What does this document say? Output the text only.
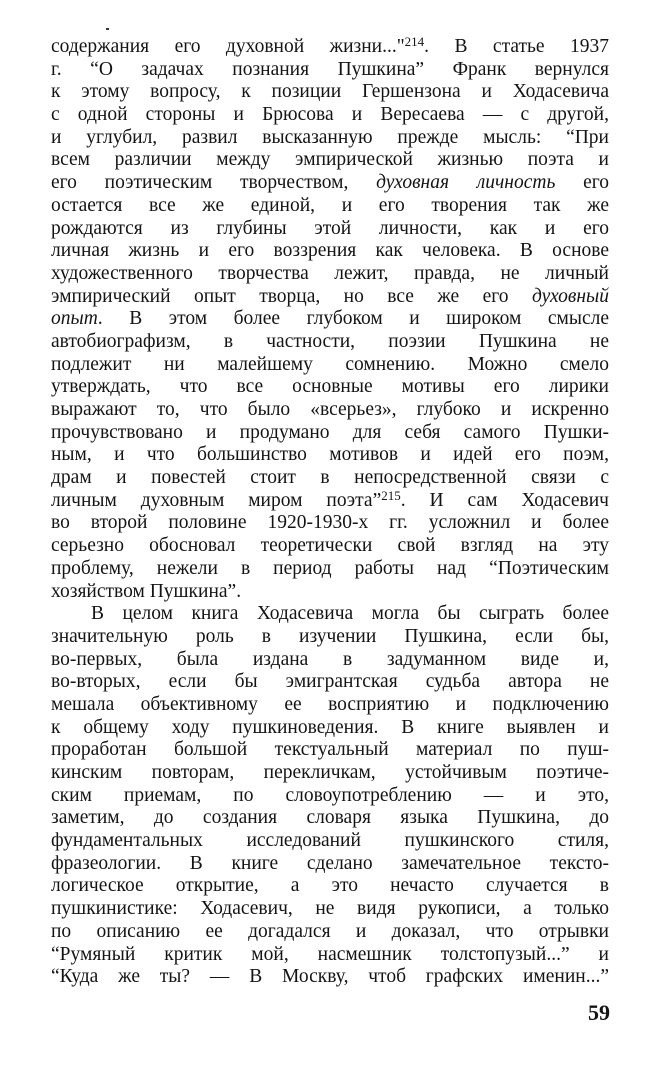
содержания его духовной жизни..."$^{214}$. В статье 1937
г. “О задачах познания Пушкина” Франк вернулся
к этому вопросу, к позиции Гершензона и Ходасевича
с одной стороны и Брюсова и Вересаева — с другой,
и углубил, развил высказанную прежде мысль: “При
всем различии между эмпирической жизнью поэта и
его поэтическим творчеством, духовная личность его
остается все же единой, и его творения так же
рождаются из глубины этой личности, как и его
личная жизнь и его воззрения как человека. В основе
художественного творчества лежит, правда, не личный
эмпирический опыт творца, но все же его духовный
опыт. В этом более глубоком и широком смысле
автобиографизм, в частности, поэзии Пушкина не
подлежит ни малейшему сомнению. Можно смело
утверждать, что все основные мотивы его лирики
выражают то, что было «всерьез», глубоко и искренно
прочувствовано и продумано для себя самого Пушки-
ным, и что большинство мотивов и идей его поэм,
драм и повестей стоит в непосредственной связи с
личным духовным миром поэта”$^{215}$. И сам Ходасевич
во второй половине 1920-1930-х гг. усложнил и более
серьезно обосновал теоретически свой взгляд на эту
проблему, нежели в период работы над “Поэтическим
хозяйством Пушкина”.
В целом книга Ходасевича могла бы сыграть более
значительную роль в изучении Пушкина, если бы,
во-первых, была издана в задуманном виде и,
во-вторых, если бы эмигрантская судьба автора не
мешала объективному ее восприятию и подключению
к общему ходу пушкиноведения. В книге выявлен и
проработан большой текстуальный материал по пуш-
кинским повторам, перекличкам, устойчивым поэтиче-
ским приемам, по словоупотреблению — и это,
заметим, до создания словаря языка Пушкина, до
фундаментальных исследований пушкинского стиля,
фразеологии. В книге сделано замечательное тексто-
логическое открытие, а это нечасто случается в
пушкинистике: Ходасевич, не видя рукописи, а только
по описанию ее догадался и доказал, что отрывки
“Румяный критик мой, насмешник толстопузый...” и
“Куда же ты? — В Москву, чтоб графских именин...”
59
